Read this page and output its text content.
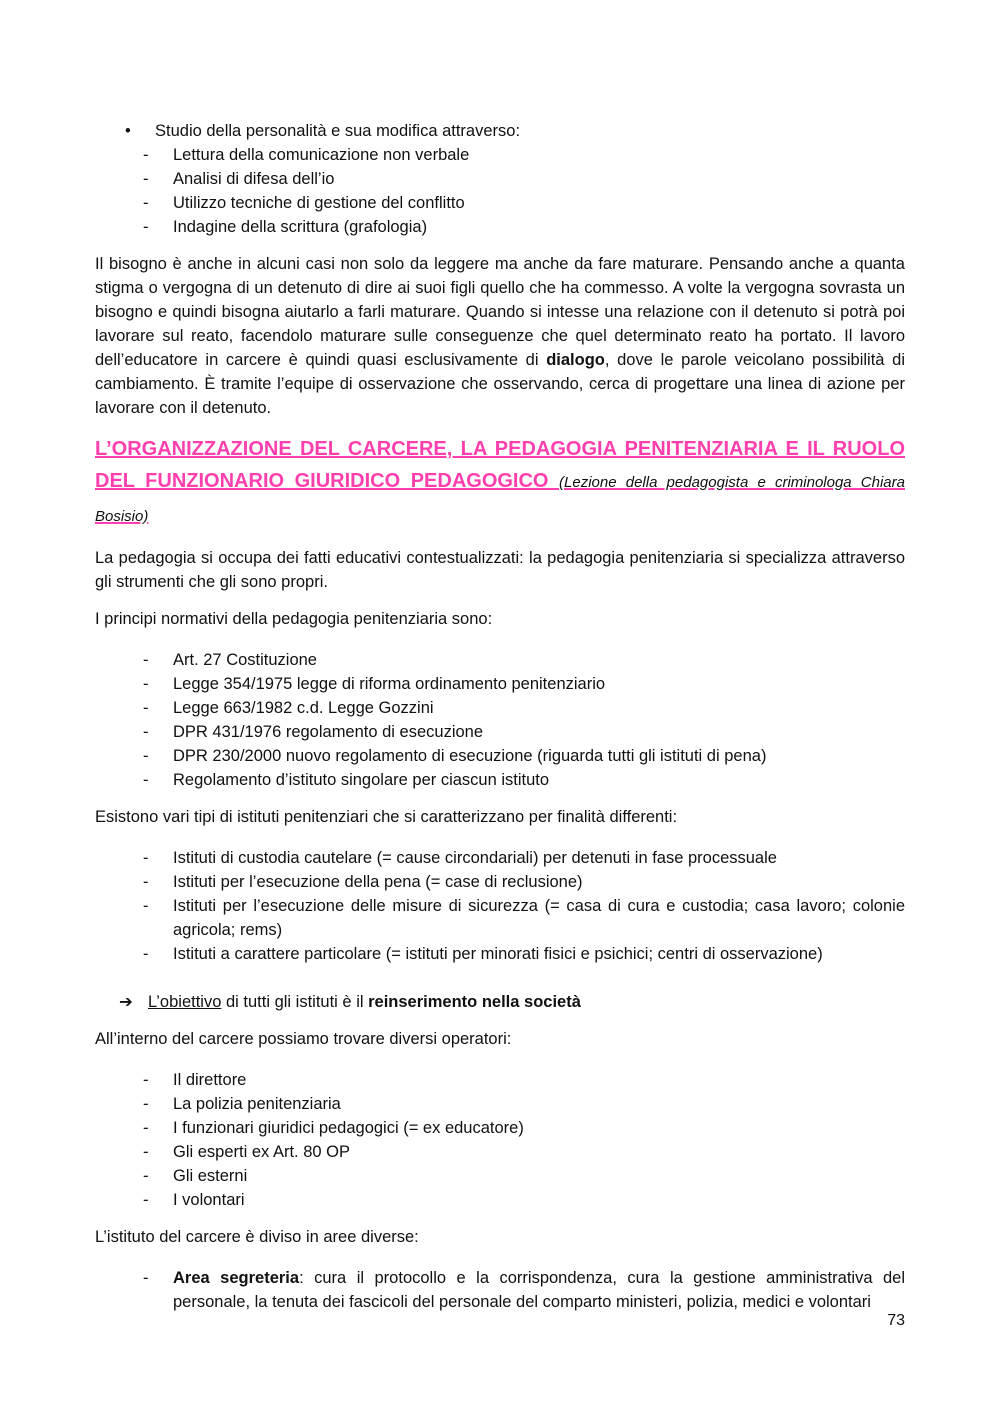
• Studio della personalità e sua modifica attraverso:
- Lettura della comunicazione non verbale
- Analisi di difesa dell’io
- Utilizzo tecniche di gestione del conflitto
- Indagine della scrittura (grafologia)

Il bisogno è anche in alcuni casi non solo da leggere ma anche da fare maturare. Pensando anche a quanta stigma o vergogna di un detenuto di dire ai suoi figli quello che ha commesso. A volte la vergogna sovrasta un bisogno e quindi bisogna aiutarlo a farli maturare. Quando si intesse una relazione con il detenuto si potrà poi lavorare sul reato, facendolo maturare sulle conseguenze che quel determinato reato ha portato. Il lavoro dell’educatore in carcere è quindi quasi esclusivamente di dialogo, dove le parole veicolano possibilità di cambiamento. È tramite l’equipe di osservazione che osservando, cerca di progettare una linea di azione per lavorare con il detenuto.

L’ORGANIZZAZIONE DEL CARCERE, LA PEDAGOGIA PENITENZIARIA E IL RUOLO DEL FUNZIONARIO GIURIDICO PEDAGOGICO (Lezione della pedagogista e criminologa Chiara Bosisio)

La pedagogia si occupa dei fatti educativi contestualizzati: la pedagogia penitenziaria si specializza attraverso gli strumenti che gli sono propri.

I principi normativi della pedagogia penitenziaria sono:

- Art. 27 Costituzione
- Legge 354/1975 legge di riforma ordinamento penitenziario
- Legge 663/1982 c.d. Legge Gozzini
- DPR 431/1976 regolamento di esecuzione
- DPR 230/2000 nuovo regolamento di esecuzione (riguarda tutti gli istituti di pena)
- Regolamento d’istituto singolare per ciascun istituto

Esistono vari tipi di istituti penitenziari che si caratterizzano per finalità differenti:

- Istituti di custodia cautelare (= cause circondariali) per detenuti in fase processuale
- Istituti per l’esecuzione della pena (= case di reclusione)
- Istituti per l’esecuzione delle misure di sicurezza (= casa di cura e custodia; casa lavoro; colonie agricola; rems)
- Istituti a carattere particolare (= istituti per minorati fisici e psichici; centri di osservazione)
➔ L’obiettivo di tutti gli istituti è il reinserimento nella società

All’interno del carcere possiamo trovare diversi operatori:

- Il direttore
- La polizia penitenziaria
- I funzionari giuridici pedagogici (= ex educatore)
- Gli esperti ex Art. 80 OP
- Gli esterni
- I volontari

L’istituto del carcere è diviso in aree diverse:

- Area segreteria: cura il protocollo e la corrispondenza, cura la gestione amministrativa del personale, la tenuta dei fascicoli del personale del comparto ministeri, polizia, medici e volontari
73
